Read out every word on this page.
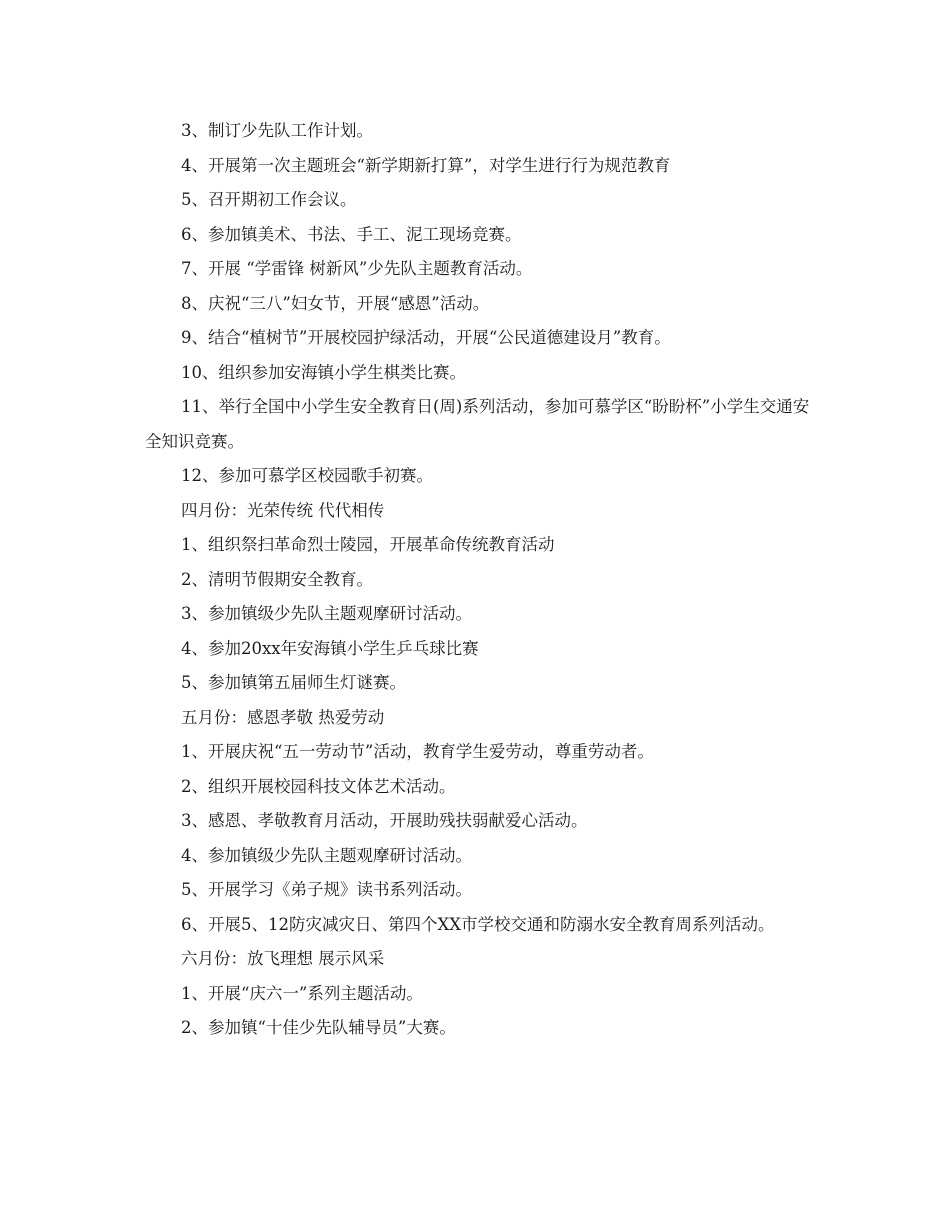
3、制订少先队工作计划。

4、开展第一次主题班会“新学期新打算”，对学生进行行为规范教育

5、召开期初工作会议。

6、参加镇美术、书法、手工、泥工现场竞赛。

7、开展 “学雷锋 树新风”少先队主题教育活动。

8、庆祝“三八”妇女节，开展“感恩”活动。

9、结合“植树节”开展校园护绿活动，开展“公民道德建设月”教育。

10、组织参加安海镇小学生棋类比赛。

11、举行全国中小学生安全教育日(周)系列活动，参加可慕学区“盼盼杯”小学生交通安全知识竞赛。

12、参加可慕学区校园歌手初赛。

四月份：光荣传统 代代相传

1、组织祭扫革命烈士陵园，开展革命传统教育活动

2、清明节假期安全教育。

3、参加镇级少先队主题观摩研讨活动。

4、参加20xx年安海镇小学生乒乓球比赛

5、参加镇第五届师生灯谜赛。

五月份：感恩孝敬 热爱劳动

1、开展庆祝“五一劳动节”活动，教育学生爱劳动，尊重劳动者。

2、组织开展校园科技文体艺术活动。

3、感恩、孝敬教育月活动，开展助残扶弱献爱心活动。

4、参加镇级少先队主题观摩研讨活动。

5、开展学习《弟子规》读书系列活动。

6、开展5、12防灾减灾日、第四个XX市学校交通和防溺水安全教育周系列活动。

六月份：放飞理想 展示风采

1、开展“庆六一”系列主题活动。

2、参加镇“十佳少先队辅导员”大赛。
